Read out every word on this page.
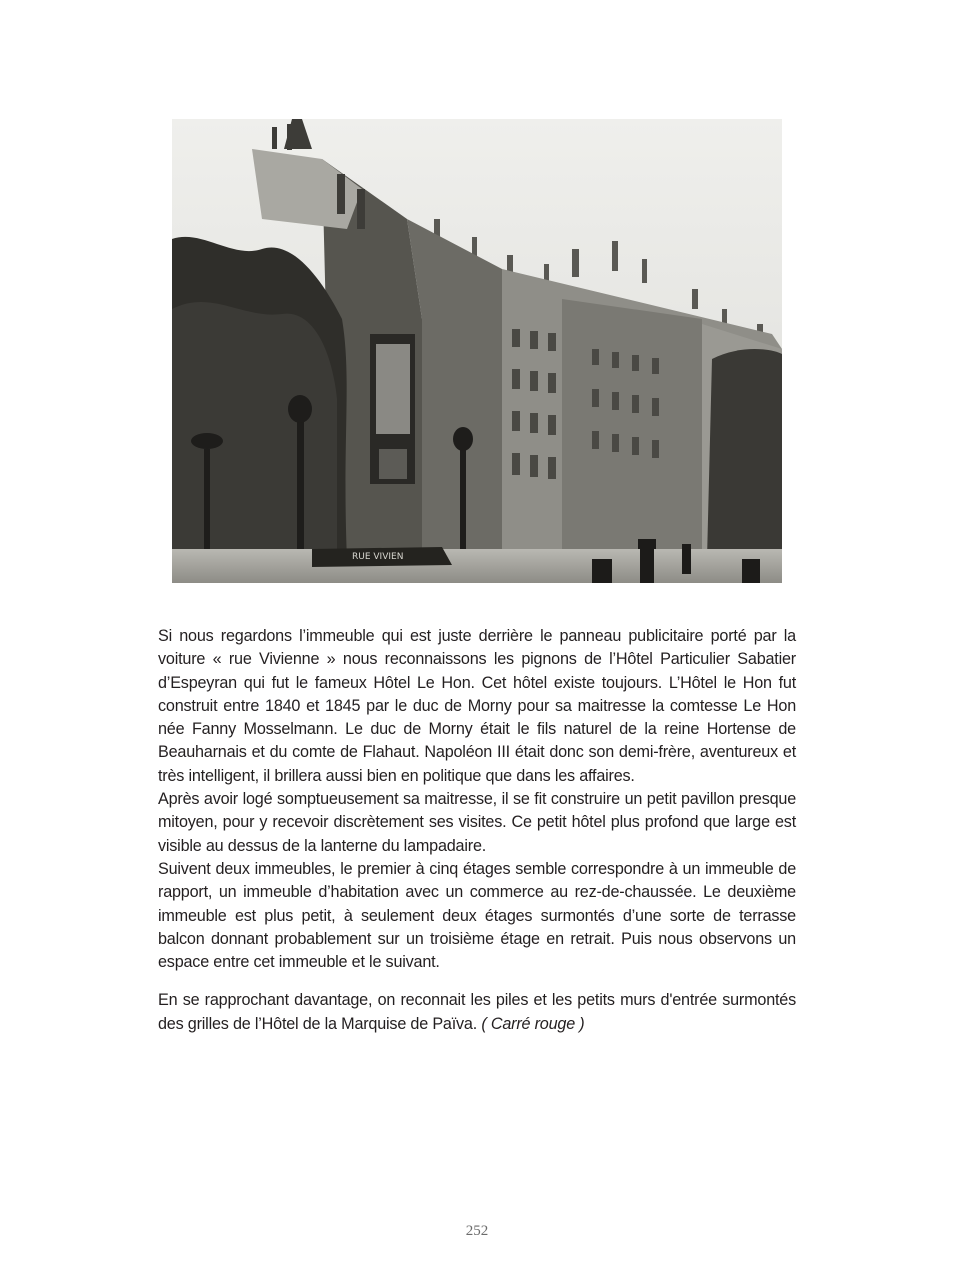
RUE VIVIEN

Si nous regardons l’immeuble qui est juste derrière le panneau publicitaire porté par la voiture « rue Vivienne » nous reconnaissons les pignons de l’Hôtel Particulier Sabatier d’Espeyran qui fut le fameux Hôtel Le Hon. Cet hôtel existe toujours. L’Hôtel le Hon fut construit entre 1840 et 1845 par le duc de Morny pour sa maitresse la comtesse Le Hon née Fanny Mosselmann. Le duc de Morny était le fils naturel de la reine Hortense de Beauharnais et du comte de Flahaut. Napoléon III était donc son demi-frère, aventureux et très intelligent, il brillera aussi bien en politique que dans les affaires.

Après avoir logé somptueusement sa maitresse, il se fit construire un petit pavillon presque mitoyen, pour y recevoir discrètement ses visites. Ce petit hôtel plus profond que large est visible au dessus de la lanterne du lampadaire.

Suivent deux immeubles, le premier à cinq étages semble correspondre à un immeuble de rapport, un immeuble d’habitation avec un commerce au rez-de-chaussée. Le deuxième immeuble est plus petit, à seulement deux étages surmontés d’une sorte de terrasse balcon donnant probablement sur un troisième étage en retrait. Puis nous observons un espace entre cet immeuble et le suivant.

En se rapprochant davantage, on reconnait les piles et les petits murs d'entrée surmontés des grilles de l’Hôtel de la Marquise de Païva. ( Carré rouge )

252
